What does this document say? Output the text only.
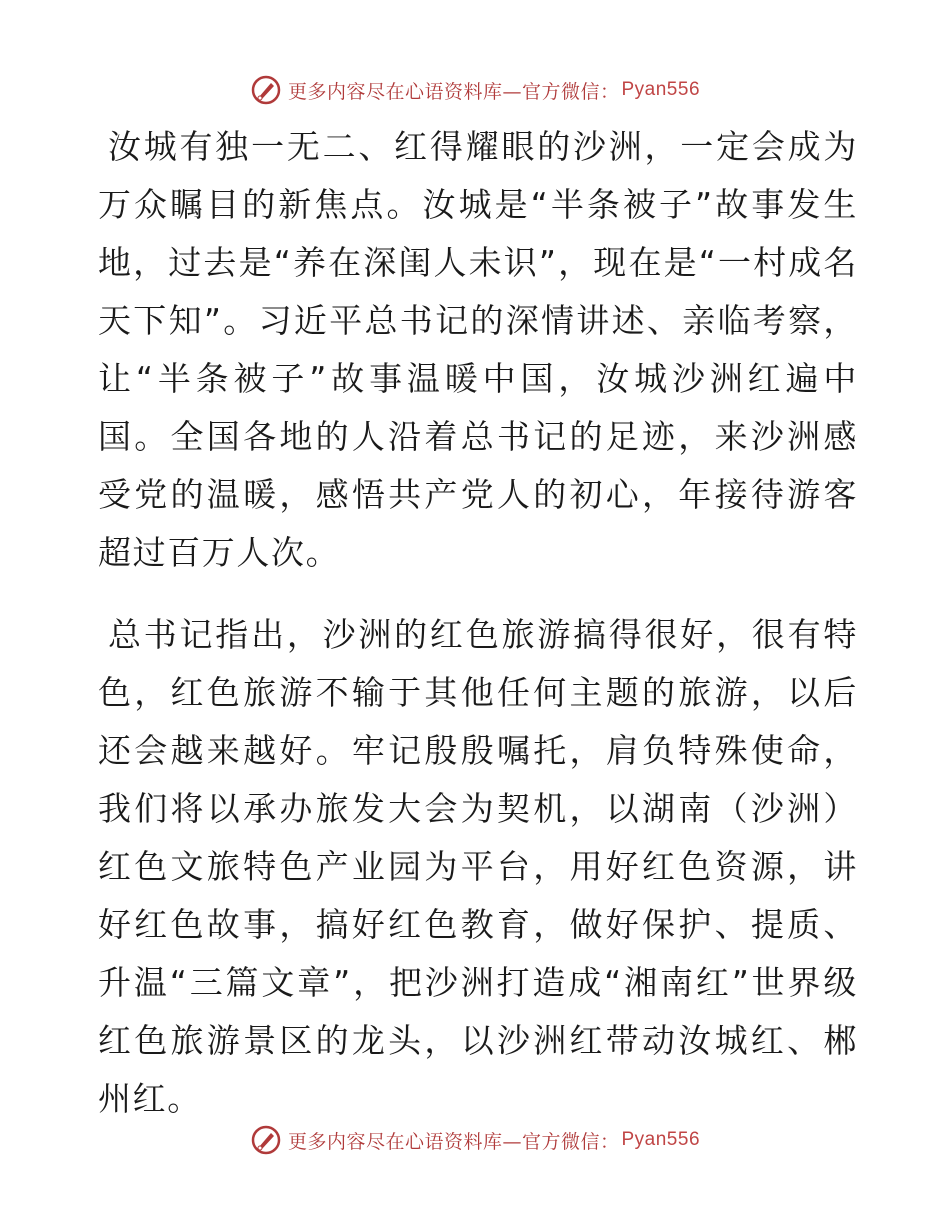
更多内容尽在心语资料库—官方微信： Pyan556

汝城有独一无二、红得耀眼的沙洲，一定会成为万众瞩目的新焦点。汝城是“半条被子”故事发生地，过去是“养在深闺人未识”，现在是“一村成名天下知”。习近平总书记的深情讲述、亲临考察，让“半条被子”故事温暖中国，汝城沙洲红遍中国。全国各地的人沿着总书记的足迹，来沙洲感受党的温暖，感悟共产党人的初心，年接待游客超过百万人次。

总书记指出，沙洲的红色旅游搞得很好，很有特色，红色旅游不输于其他任何主题的旅游，以后还会越来越好。牢记殷殷嘱托，肩负特殊使命，我们将以承办旅发大会为契机，以湖南（沙洲）红色文旅特色产业园为平台，用好红色资源，讲好红色故事，搞好红色教育，做好保护、提质、升温“三篇文章”，把沙洲打造成“湘南红”世界级红色旅游景区的龙头，以沙洲红带动汝城红、郴州红。

更多内容尽在心语资料库—官方微信： Pyan556
